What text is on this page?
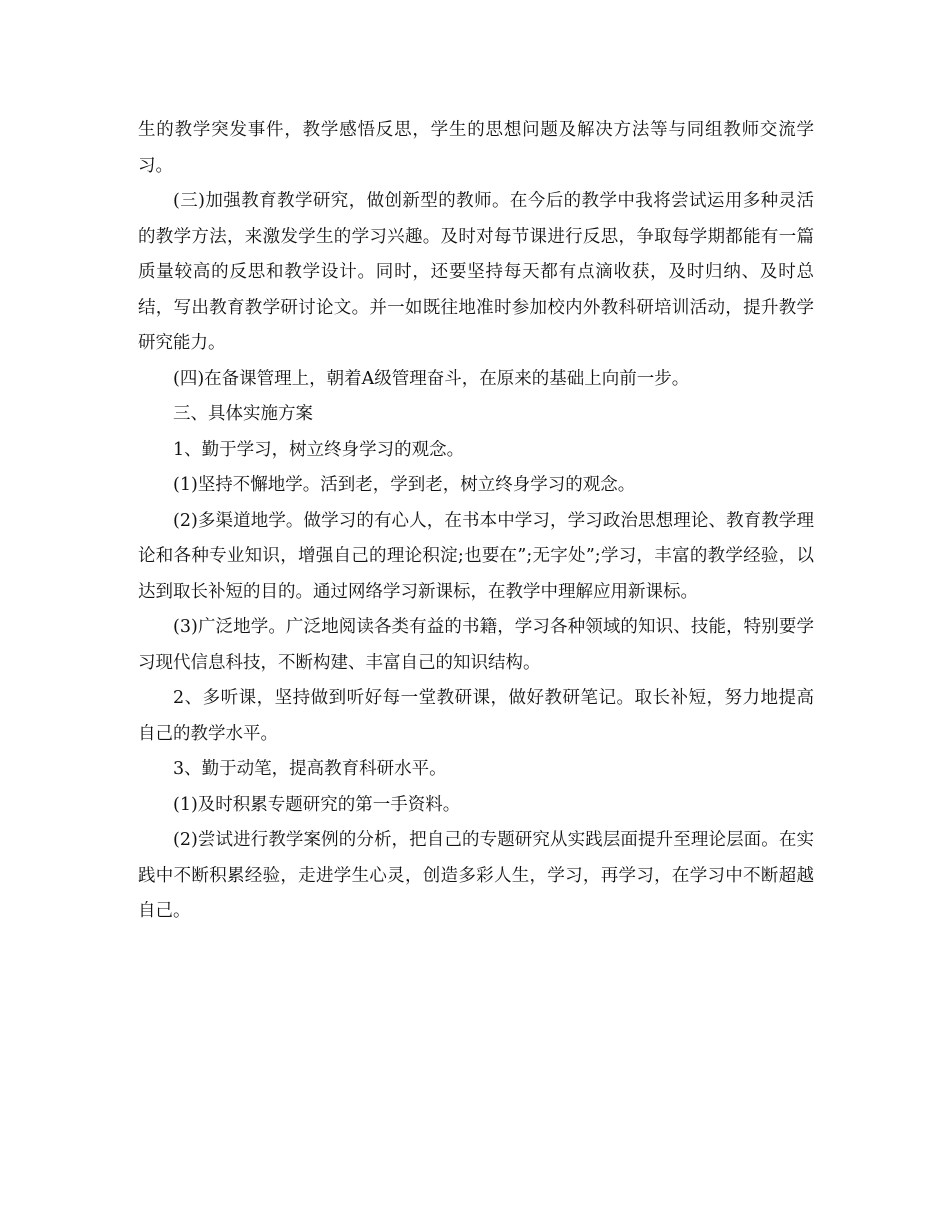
生的教学突发事件，教学感悟反思，学生的思想问题及解决方法等与同组教师交流学习。

(三)加强教育教学研究，做创新型的教师。在今后的教学中我将尝试运用多种灵活的教学方法，来激发学生的学习兴趣。及时对每节课进行反思，争取每学期都能有一篇质量较高的反思和教学设计。同时，还要坚持每天都有点滴收获，及时归纳、及时总结，写出教育教学研讨论文。并一如既往地准时参加校内外教科研培训活动，提升教学研究能力。

(四)在备课管理上，朝着A级管理奋斗，在原来的基础上向前一步。

三、具体实施方案

1、勤于学习，树立终身学习的观念。

(1)坚持不懈地学。活到老，学到老，树立终身学习的观念。

(2)多渠道地学。做学习的有心人，在书本中学习，学习政治思想理论、教育教学理论和各种专业知识，增强自己的理论积淀;也要在”;无字处”;学习，丰富的教学经验，以达到取长补短的目的。通过网络学习新课标，在教学中理解应用新课标。

(3)广泛地学。广泛地阅读各类有益的书籍，学习各种领域的知识、技能，特别要学习现代信息科技，不断构建、丰富自己的知识结构。

2、多听课，坚持做到听好每一堂教研课，做好教研笔记。取长补短，努力地提高自己的教学水平。

3、勤于动笔，提高教育科研水平。

(1)及时积累专题研究的第一手资料。

(2)尝试进行教学案例的分析，把自己的专题研究从实践层面提升至理论层面。在实践中不断积累经验，走进学生心灵，创造多彩人生，学习，再学习，在学习中不断超越自己。
